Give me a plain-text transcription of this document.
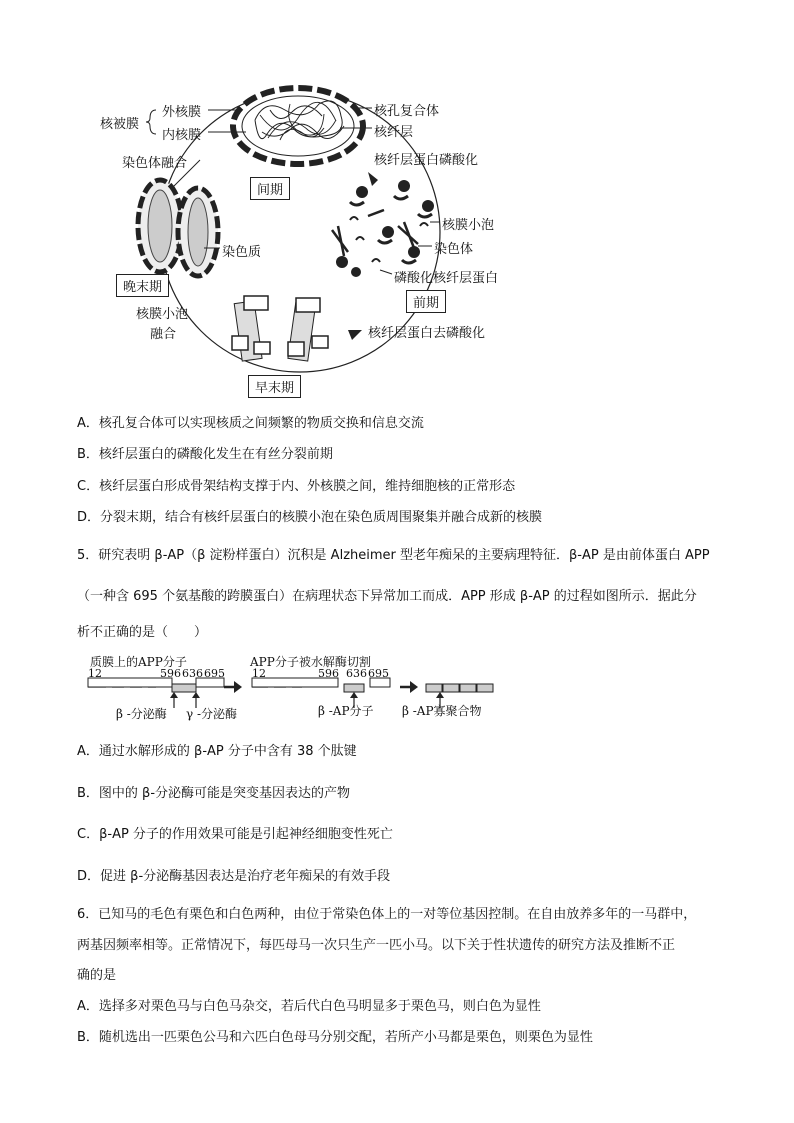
核被膜
外核膜
内核膜
核孔复合体
核纤层
核纤层蛋白磷酸化
核膜小泡
染色体
磷酸化核纤层蛋白
核纤层蛋白去磷酸化
核膜小泡
融合
染色体融合
染色质
间期
前期
早末期
晚末期
A．核孔复合体可以实现核质之间频繁的物质交换和信息交流
B．核纤层蛋白的磷酸化发生在有丝分裂前期
C．核纤层蛋白形成骨架结构支撑于内、外核膜之间，维持细胞核的正常形态
D．分裂末期，结合有核纤层蛋白的核膜小泡在染色质周围聚集并融合成新的核膜
5．研究表明 β-AP（β 淀粉样蛋白）沉积是 Alzheimer 型老年痴呆的主要病理特征．β-AP 是由前体蛋白 APP
（一种含 695 个氨基酸的跨膜蛋白）在病理状态下异常加工而成．APP 形成 β-AP 的过程如图所示．据此分
析不正确的是（　　）
质膜上的APP分子	APP分子被水解酶切割
12	596 636 695 12	596 636 695
β -分泌酶 γ -分泌酶	β -AP分子 β -AP寡聚合物
A．通过水解形成的 β-AP 分子中含有 38 个肽键
B．图中的 β-分泌酶可能是突变基因表达的产物
C．β-AP 分子的作用效果可能是引起神经细胞变性死亡
D．促进 β-分泌酶基因表达是治疗老年痴呆的有效手段
6．已知马的毛色有栗色和白色两种，由位于常染色体上的一对等位基因控制。在自由放养多年的一马群中，
两基因频率相等。正常情况下，每匹母马一次只生产一匹小马。以下关于性状遗传的研究方法及推断不正
确的是
A．选择多对栗色马与白色马杂交，若后代白色马明显多于栗色马，则白色为显性
B．随机选出一匹栗色公马和六匹白色母马分别交配，若所产小马都是栗色，则栗色为显性
